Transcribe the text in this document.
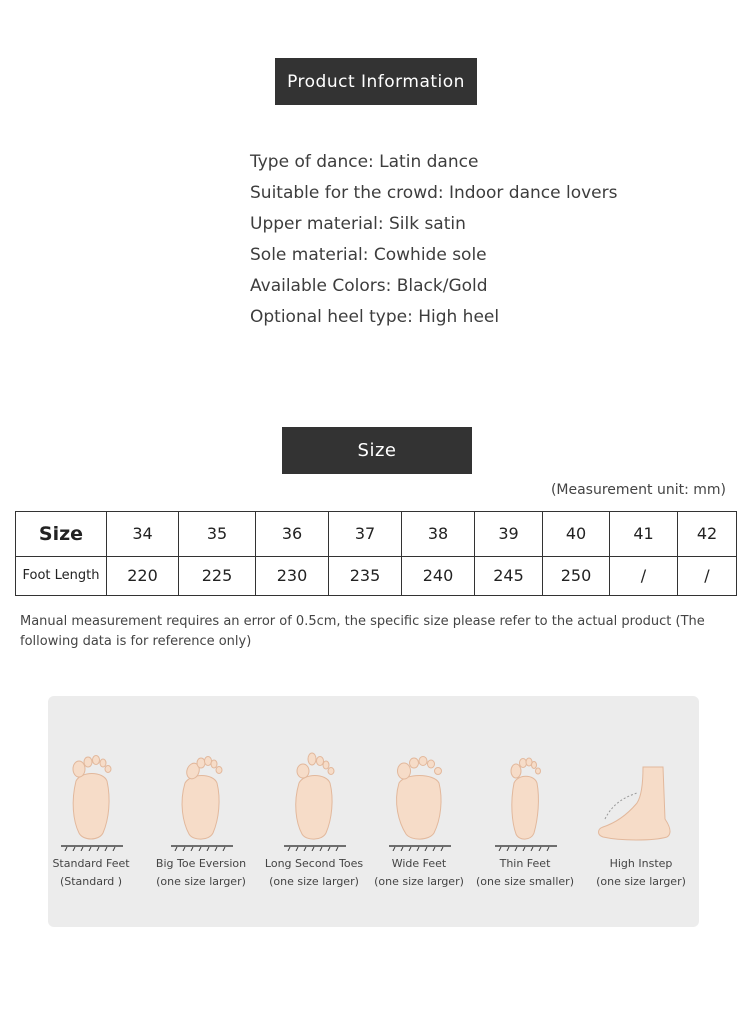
Product Information
Type of dance: Latin dance
Suitable for the crowd: Indoor dance lovers
Upper material: Silk satin
Sole material: Cowhide sole
Available Colors: Black/Gold
Optional heel type: High heel
Size
(Measurement unit: mm)
Size	34	35	36	37	38	39	40	41	42
Foot Length	220	225	230	235	240	245	250	/	/
Manual measurement requires an error of 0.5cm, the specific size please refer to the actual product (The following data is for reference only)
Standard Feet
(Standard )
Big Toe Eversion
(one size larger)
Long Second Toes
(one size larger)
Wide Feet
(one size larger)
Thin Feet
(one size smaller)
High Instep
(one size larger)
